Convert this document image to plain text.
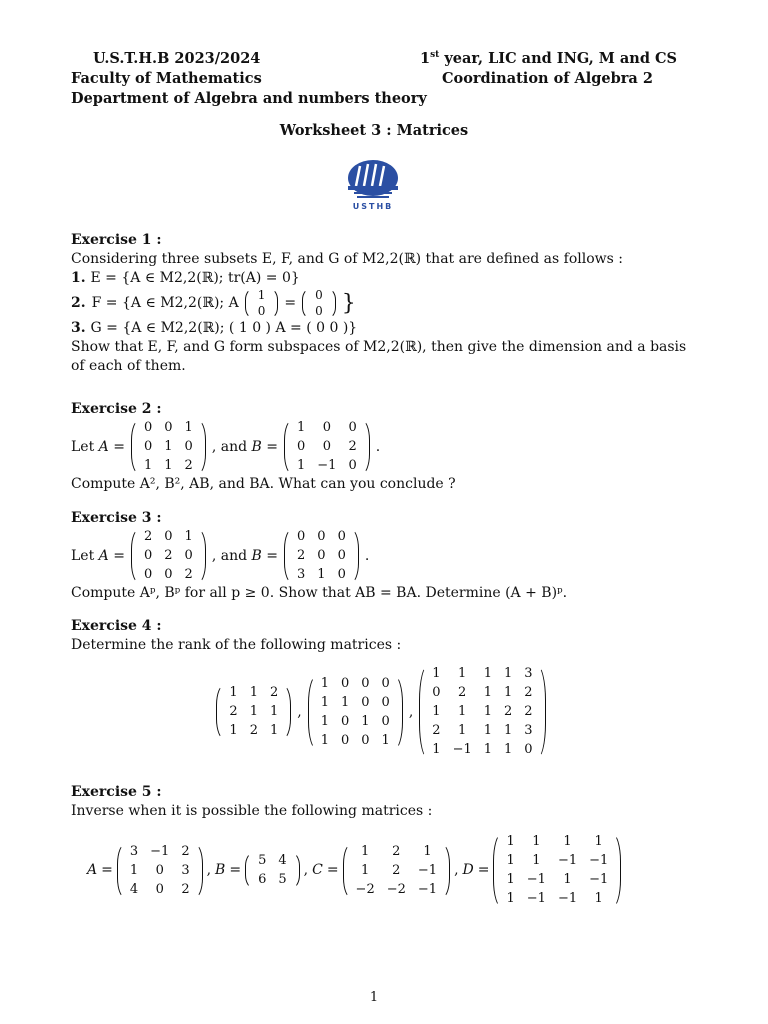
U.S.T.H.B 2023/2024
Faculty of Mathematics
Department of Algebra and numbers theory
1st year, LIC and ING, M and CS
Coordination of Algebra 2
Worksheet 3 : Matrices
USTHB
Exercise 1 :
Considering three subsets E, F, and G of M2,2(ℝ) that are defined as follows :
1. E = {A ∈ M2,2(ℝ); tr(A) = 0}
2. F = {A ∈ M2,2(ℝ); A 1
0 = 0
0 }
3. G = {A ∈ M2,2(ℝ); ( 1 0 ) A = ( 0 0 )}
Show that E, F, and G form subspaces of M2,2(ℝ), then give the dimension and a basis of each of them.
Exercise 2 :
Let A =
0 0 1
0 1 0
1 1 2
, and B =
1	0	0
0	0	2
1 −1 0
.
Compute A², B², AB, and BA. What can you conclude ?
Exercise 3 :
Let A =
2 0 1
0 2 0
0 0 2
, and B =
0 0 0
2 0 0
3 1 0
.
Compute Aᵖ, Bᵖ for all p ≥ 0. Show that AB = BA. Determine (A + B)ᵖ.
Exercise 4 :
Determine the rank of the following matrices :
1 1 2
2 1 1
1 2 1
,
1 0 0 0
1 1 0 0
1 0 1 0
1 0 0 1
,
1	1	1 1 3
0	2	1 1 2
1	1	1 2 2
2	1	1 1 3
1 −1 1 1 0
Exercise 5 :
Inverse when it is possible the following matrices :
A =
3 −1 2
1	0	3
4	0	2
, B =
5 4
6 5
, C =
1	2	1
1	2	−1
−2 −2 −1
, D =
1	1	1	1
1	1	−1 −1
1 −1	1	−1
1 −1 −1	1
1
